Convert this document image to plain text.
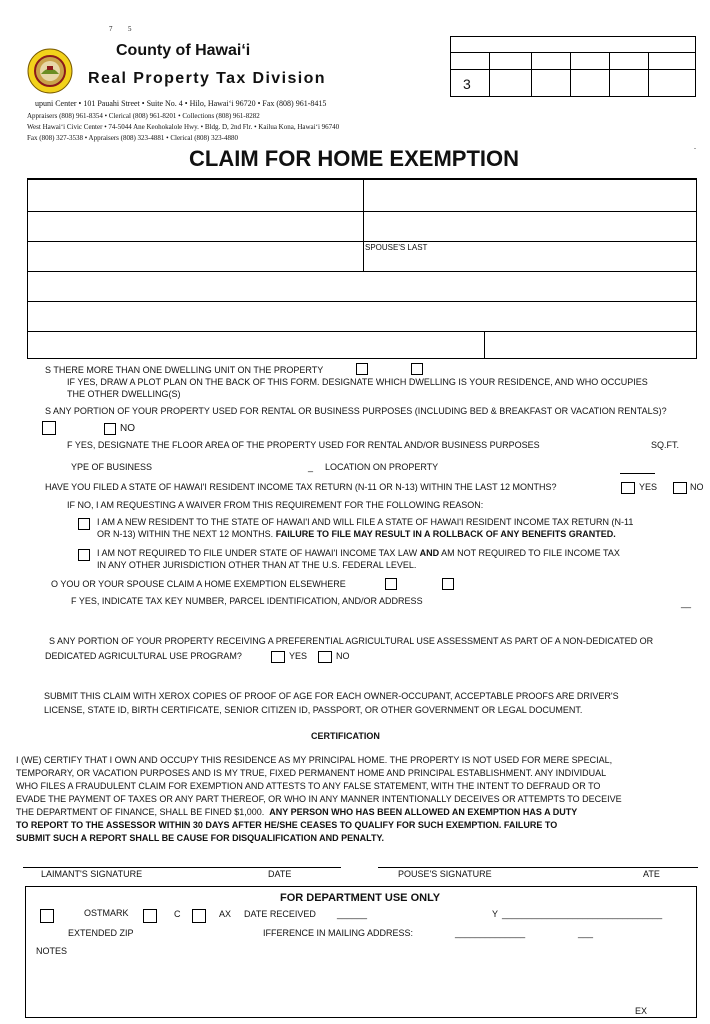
7 5
County of Hawai‘i
Real Property Tax Division
upuni Center • 101 Pauahi Street • Suite No. 4 • Hilo, Hawai‘i 96720 • Fax (808) 961-8415
Appraisers (808) 961-8354 • Clerical (808) 961-8201 • Collections (808) 961-8282
West Hawai‘i Civic Center • 74-5044 Ane Keohokalole Hwy. • Bldg. D, 2nd Flr. • Kailua Kona, Hawai‘i 96740
Fax (808) 327-3538 • Appraisers (808) 323-4881 • Clerical (808) 323-4880
3
.
CLAIM FOR HOME EXEMPTION
SPOUSE'S LAST
S THERE MORE THAN ONE DWELLING UNIT ON THE PROPERTY
IF YES, DRAW A PLOT PLAN ON THE BACK OF THIS FORM. DESIGNATE WHICH DWELLING IS YOUR RESIDENCE, AND WHO OCCUPIES
THE OTHER DWELLING(S)
S ANY PORTION OF YOUR PROPERTY USED FOR RENTAL OR BUSINESS PURPOSES (INCLUDING BED & BREAKFAST OR VACATION RENTALS)?
NO
F YES, DESIGNATE THE FLOOR AREA OF THE PROPERTY USED FOR RENTAL AND/OR BUSINESS PURPOSES	SQ.FT.
YPE OF BUSINESS	_ LOCATION ON PROPERTY
HAVE YOU FILED A STATE OF HAWAI'I RESIDENT INCOME TAX RETURN (N-11 OR N-13) WITHIN THE LAST 12 MONTHS?	YES	NO
IF NO, I AM REQUESTING A WAIVER FROM THIS REQUIREMENT FOR THE FOLLOWING REASON:
I AM A NEW RESIDENT TO THE STATE OF HAWAI'I AND WILL FILE A STATE OF HAWAI'I RESIDENT INCOME TAX RETURN (N-11
OR N-13) WITHIN THE NEXT 12 MONTHS. FAILURE TO FILE MAY RESULT IN A ROLLBACK OF ANY BENEFITS GRANTED.
I AM NOT REQUIRED TO FILE UNDER STATE OF HAWAI'I INCOME TAX LAW AND AM NOT REQUIRED TO FILE INCOME TAX
IN ANY OTHER JURISDICTION OTHER THAN AT THE U.S. FEDERAL LEVEL.
O YOU OR YOUR SPOUSE CLAIM A HOME EXEMPTION ELSEWHERE
F YES, INDICATE TAX KEY NUMBER, PARCEL IDENTIFICATION, AND/OR ADDRESS	__
S ANY PORTION OF YOUR PROPERTY RECEIVING A PREFERENTIAL AGRICULTURAL USE ASSESSMENT AS PART OF A NON-DEDICATED OR
DEDICATED AGRICULTURAL USE PROGRAM?	YES	NO
SUBMIT THIS CLAIM WITH XEROX COPIES OF PROOF OF AGE FOR EACH OWNER-OCCUPANT, ACCEPTABLE PROOFS ARE DRIVER'S
LICENSE, STATE ID, BIRTH CERTIFICATE, SENIOR CITIZEN ID, PASSPORT, OR OTHER GOVERNMENT OR LEGAL DOCUMENT.
CERTIFICATION
I (WE) CERTIFY THAT I OWN AND OCCUPY THIS RESIDENCE AS MY PRINCIPAL HOME. THE PROPERTY IS NOT USED FOR MERE SPECIAL,
TEMPORARY, OR VACATION PURPOSES AND IS MY TRUE, FIXED PERMANENT HOME AND PRINCIPAL ESTABLISHMENT. ANY INDIVIDUAL
WHO FILES A FRAUDULENT CLAIM FOR EXEMPTION AND ATTESTS TO ANY FALSE STATEMENT, WITH THE INTENT TO DEFRAUD OR TO
EVADE THE PAYMENT OF TAXES OR ANY PART THEREOF, OR WHO IN ANY MANNER INTENTIONALLY DECEIVES OR ATTEMPTS TO DECEIVE
THE DEPARTMENT OF FINANCE, SHALL BE FINED $1,000. ANY PERSON WHO HAS BEEN ALLOWED AN EXEMPTION HAS A DUTY
TO REPORT TO THE ASSESSOR WITHIN 30 DAYS AFTER HE/SHE CEASES TO QUALIFY FOR SUCH EXEMPTION. FAILURE TO
SUBMIT SUCH A REPORT SHALL BE CAUSE FOR DISQUALIFICATION AND PENALTY.
LAIMANT'S SIGNATURE	DATE	POUSE'S SIGNATURE	ATE
FOR DEPARTMENT USE ONLY
OSTMARK	C	AX DATE RECEIVED ______	Y ________________________________
EXTENDED ZIP	IFFERENCE IN MAILING ADDRESS:	______________	___
NOTES
EX
